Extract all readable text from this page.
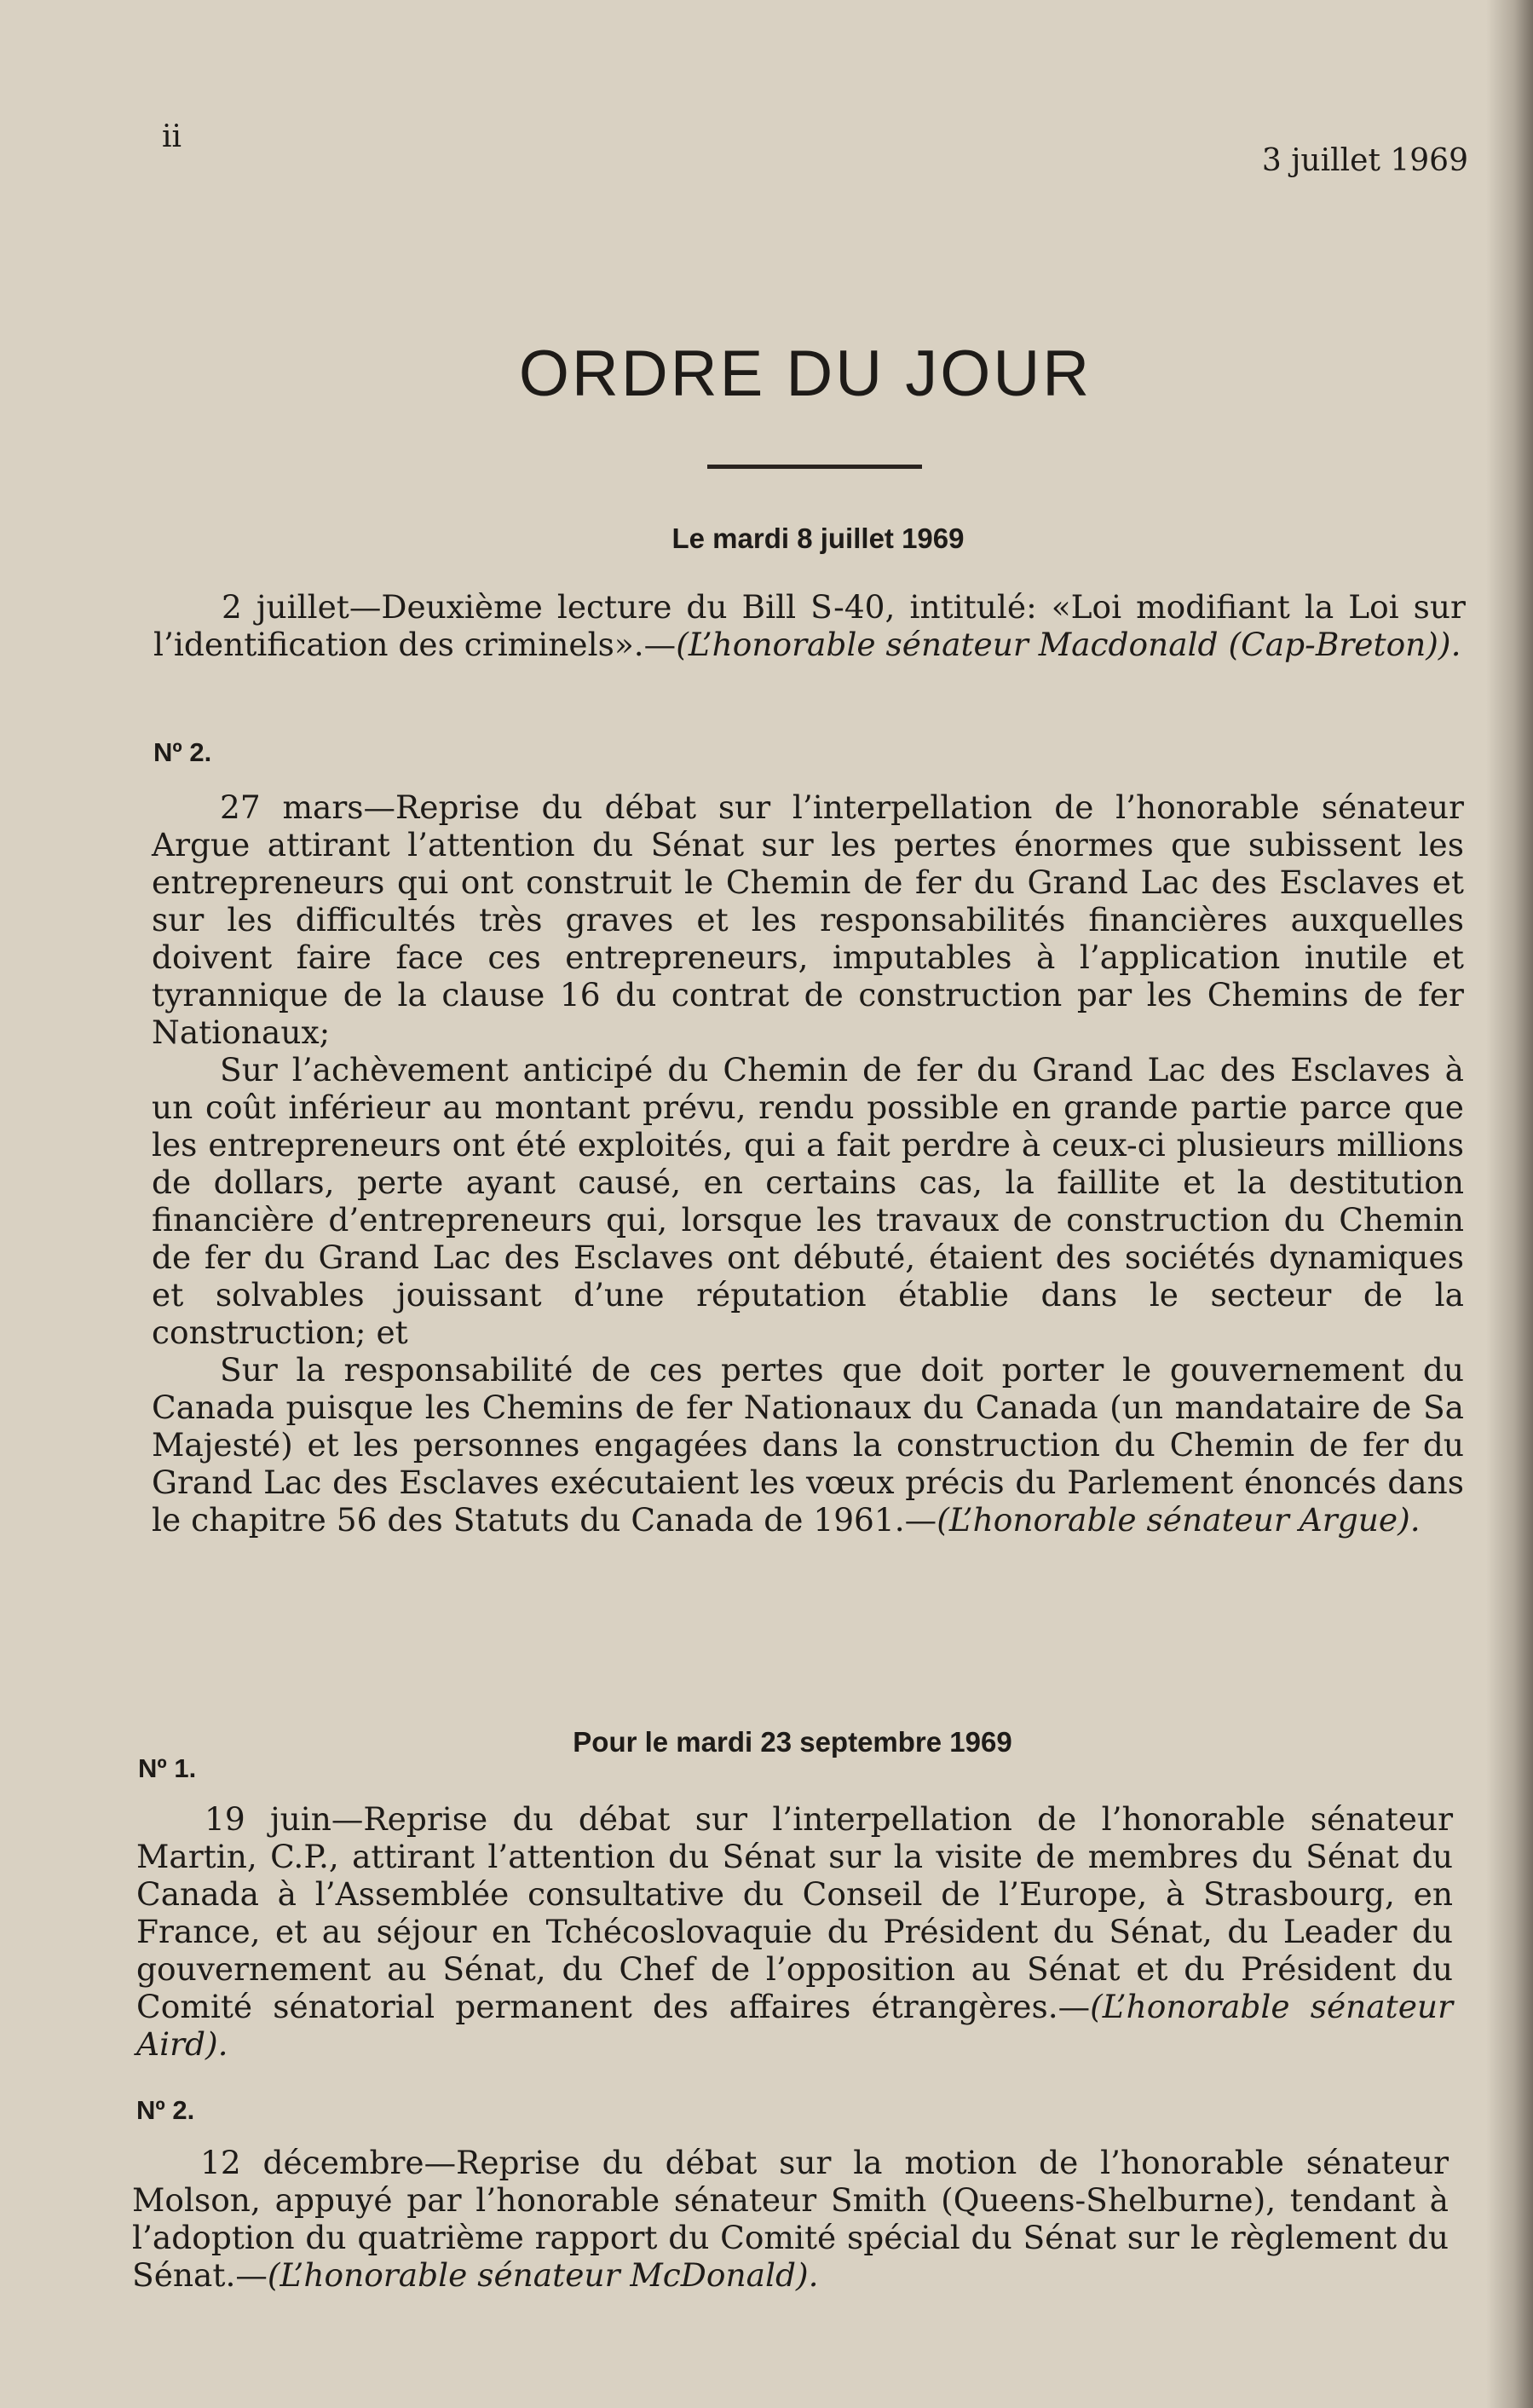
ii
3 juillet 1969
ORDRE DU JOUR
Le mardi 8 juillet 1969

2 juillet—Deuxième lecture du Bill S-40, intitulé: «Loi modifiant la Loi sur l’identification des criminels».—(L’honorable sénateur Macdonald (Cap-Breton)).

Nº 2.

27 mars—Reprise du débat sur l’interpellation de l’honorable sénateur Argue attirant l’attention du Sénat sur les pertes énormes que subissent les entrepreneurs qui ont construit le Chemin de fer du Grand Lac des Esclaves et sur les difficultés très graves et les responsabilités financières auxquelles doivent faire face ces entrepreneurs, imputables à l’application inutile et tyrannique de la clause 16 du contrat de construction par les Chemins de fer Nationaux;

Sur l’achèvement anticipé du Chemin de fer du Grand Lac des Esclaves à un coût inférieur au montant prévu, rendu possible en grande partie parce que les entrepreneurs ont été exploités, qui a fait perdre à ceux-ci plusieurs millions de dollars, perte ayant causé, en certains cas, la faillite et la destitution financière d’entrepreneurs qui, lorsque les travaux de construction du Chemin de fer du Grand Lac des Esclaves ont débuté, étaient des sociétés dynamiques et solvables jouissant d’une réputation établie dans le secteur de la construction; et

Sur la responsabilité de ces pertes que doit porter le gouvernement du Canada puisque les Chemins de fer Nationaux du Canada (un mandataire de Sa Majesté) et les personnes engagées dans la construction du Chemin de fer du Grand Lac des Esclaves exécutaient les vœux précis du Parlement énoncés dans le chapitre 56 des Statuts du Canada de 1961.—(L’honorable sénateur Argue).

Pour le mardi 23 septembre 1969
Nº 1.

19 juin—Reprise du débat sur l’interpellation de l’honorable sénateur Martin, C.P., attirant l’attention du Sénat sur la visite de membres du Sénat du Canada à l’Assemblée consultative du Conseil de l’Europe, à Strasbourg, en France, et au séjour en Tchécoslovaquie du Président du Sénat, du Leader du gouvernement au Sénat, du Chef de l’opposition au Sénat et du Président du Comité sénatorial permanent des affaires étrangères.—(L’honorable sénateur Aird).

Nº 2.

12 décembre—Reprise du débat sur la motion de l’honorable sénateur Molson, appuyé par l’honorable sénateur Smith (Queens-Shelburne), tendant à l’adoption du quatrième rapport du Comité spécial du Sénat sur le règlement du Sénat.—(L’honorable sénateur McDonald).
